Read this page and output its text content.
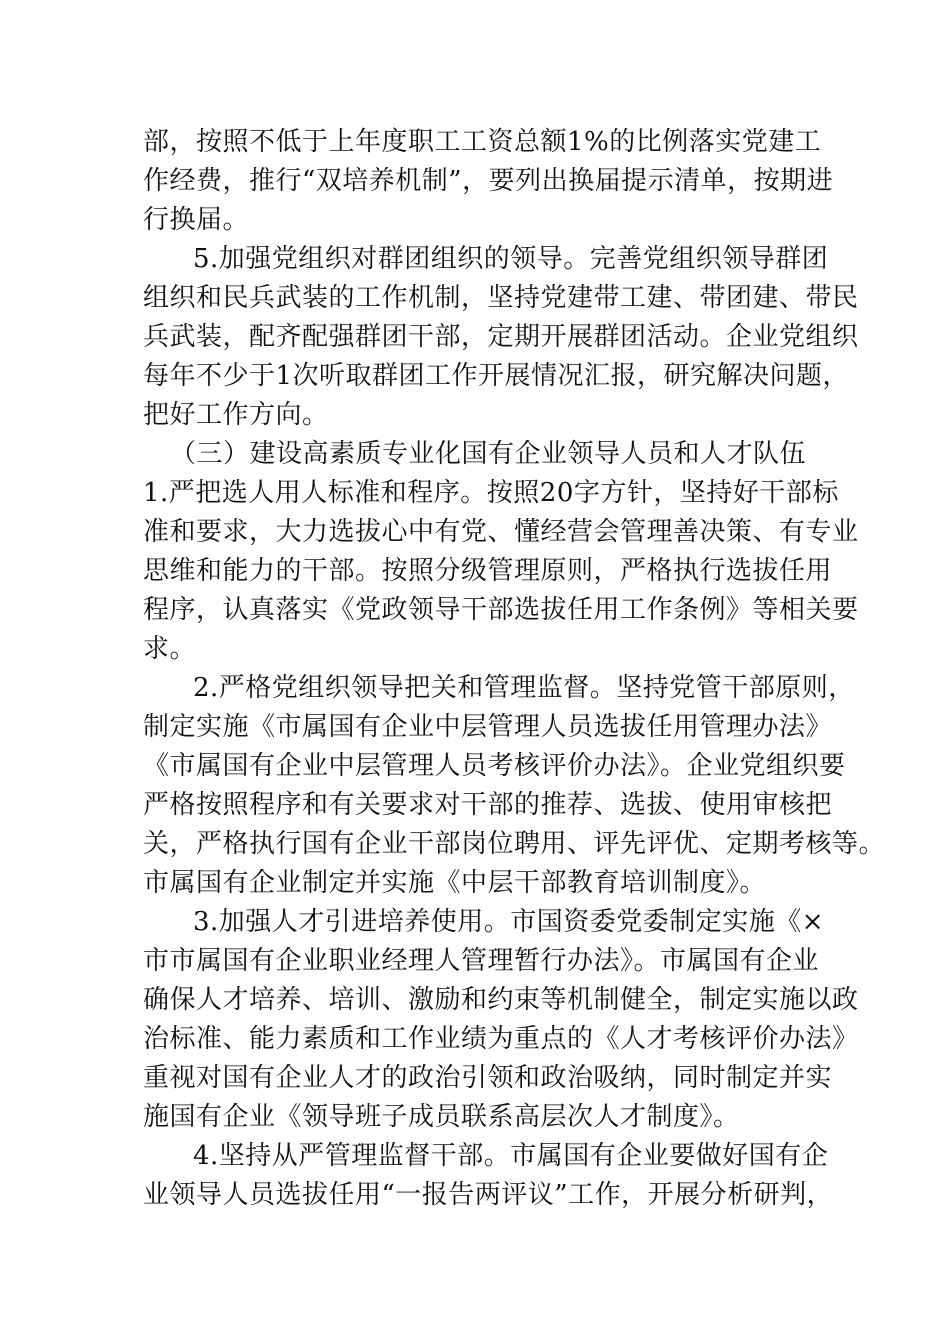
部，按照不低于上年度职工工资总额1%的比例落实党建工
作经费，推行“双培养机制”，要列出换届提示清单，按期进
行换届。
5.加强党组织对群团组织的领导。完善党组织领导群团
组织和民兵武装的工作机制，坚持党建带工建、带团建、带民
兵武装，配齐配强群团干部，定期开展群团活动。企业党组织
每年不少于1次听取群团工作开展情况汇报，研究解决问题，
把好工作方向。
（三）建设高素质专业化国有企业领导人员和人才队伍
1.严把选人用人标准和程序。按照20字方针，坚持好干部标
准和要求，大力选拔心中有党、懂经营会管理善决策、有专业
思维和能力的干部。按照分级管理原则，严格执行选拔任用
程序，认真落实《党政领导干部选拔任用工作条例》等相关要
求。
2.严格党组织领导把关和管理监督。坚持党管干部原则，
制定实施《市属国有企业中层管理人员选拔任用管理办法》
《市属国有企业中层管理人员考核评价办法》。企业党组织要
严格按照程序和有关要求对干部的推荐、选拔、使用审核把
关，严格执行国有企业干部岗位聘用、评先评优、定期考核等。
市属国有企业制定并实施《中层干部教育培训制度》。
3.加强人才引进培养使用。市国资委党委制定实施《×
市市属国有企业职业经理人管理暂行办法》。市属国有企业
确保人才培养、培训、激励和约束等机制健全，制定实施以政
治标准、能力素质和工作业绩为重点的《人才考核评价办法》
重视对国有企业人才的政治引领和政治吸纳，同时制定并实
施国有企业《领导班子成员联系高层次人才制度》。
4.坚持从严管理监督干部。市属国有企业要做好国有企
业领导人员选拔任用“一报告两评议”工作，开展分析研判，
